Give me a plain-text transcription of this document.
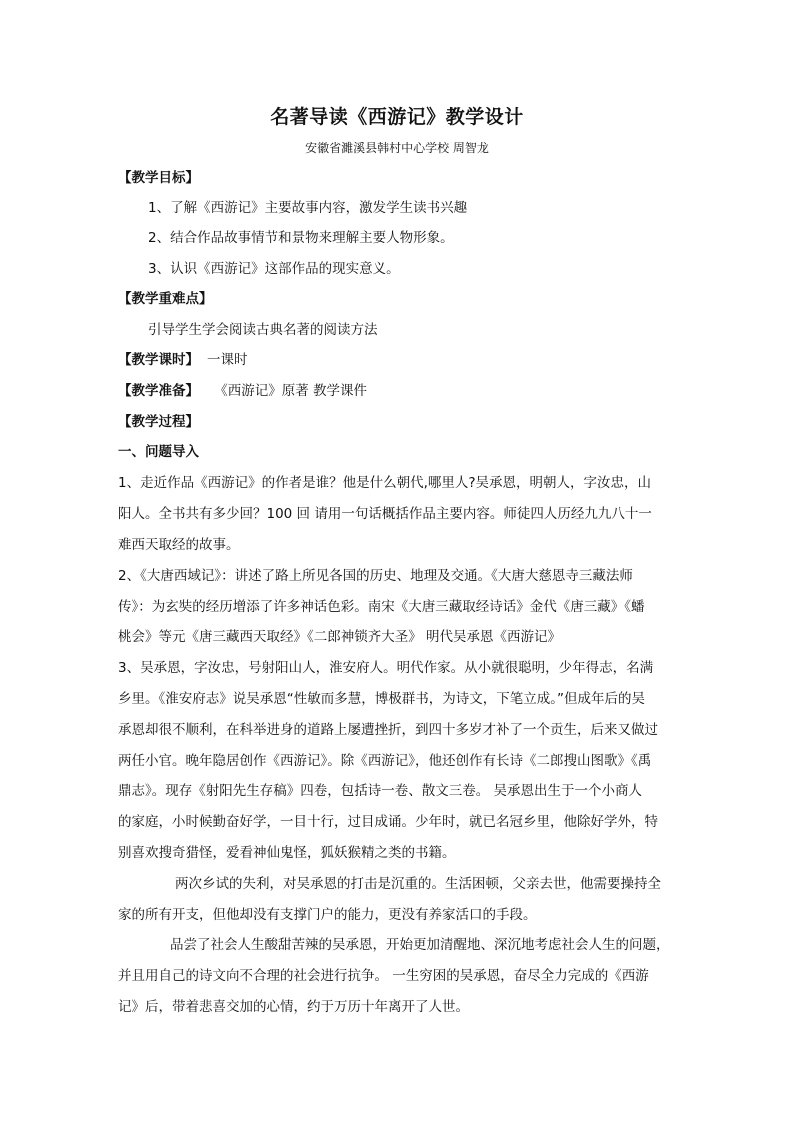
名著导读《西游记》教学设计
安徽省濉溪县韩村中心学校 周智龙
【教学目标】
1、了解《西游记》主要故事内容，激发学生读书兴趣
2、结合作品故事情节和景物来理解主要人物形象。
3、认识《西游记》这部作品的现实意义。
【教学重难点】
引导学生学会阅读古典名著的阅读方法
【教学课时】 一课时
【教学准备】 《西游记》原著 教学课件
【教学过程】
一、问题导入
1、走近作品《西游记》的作者是谁？他是什么朝代,哪里人?吴承恩，明朝人，字汝忠，山
阳人。全书共有多少回？100 回 请用一句话概括作品主要内容。师徒四人历经九九八十一
难西天取经的故事。
2、《大唐西域记》：讲述了路上所见各国的历史、地理及交通。《大唐大慈恩寺三藏法师
传》：为玄奘的经历增添了许多神话色彩。南宋《大唐三藏取经诗话》金代《唐三藏》《蟠
桃会》等元《唐三藏西天取经》《二郎神锁齐大圣》 明代吴承恩《西游记》
3、吴承恩，字汝忠，号射阳山人，淮安府人。明代作家。从小就很聪明，少年得志，名满
乡里。《淮安府志》说吴承恩“性敏而多慧，博极群书，为诗文，下笔立成。”但成年后的吴
承恩却很不顺利，在科举进身的道路上屡遭挫折，到四十多岁才补了一个贡生，后来又做过
两任小官。晚年隐居创作《西游记》。除《西游记》，他还创作有长诗《二郎搜山图歌》《禹
鼎志》。现存《射阳先生存稿》四卷，包括诗一卷、散文三卷。 吴承恩出生于一个小商人
的家庭，小时候勤奋好学，一目十行，过目成诵。少年时，就已名冠乡里，他除好学外，特
别喜欢搜奇猎怪，爱看神仙鬼怪，狐妖猴精之类的书籍。
两次乡试的失利，对吴承恩的打击是沉重的。生活困顿，父亲去世，他需要操持全
家的所有开支，但他却没有支撑门户的能力，更没有养家活口的手段。
品尝了社会人生酸甜苦辣的吴承恩，开始更加清醒地、深沉地考虑社会人生的问题，
并且用自己的诗文向不合理的社会进行抗争。 一生穷困的吴承恩，奋尽全力完成的《西游
记》后，带着悲喜交加的心情，约于万历十年离开了人世。
